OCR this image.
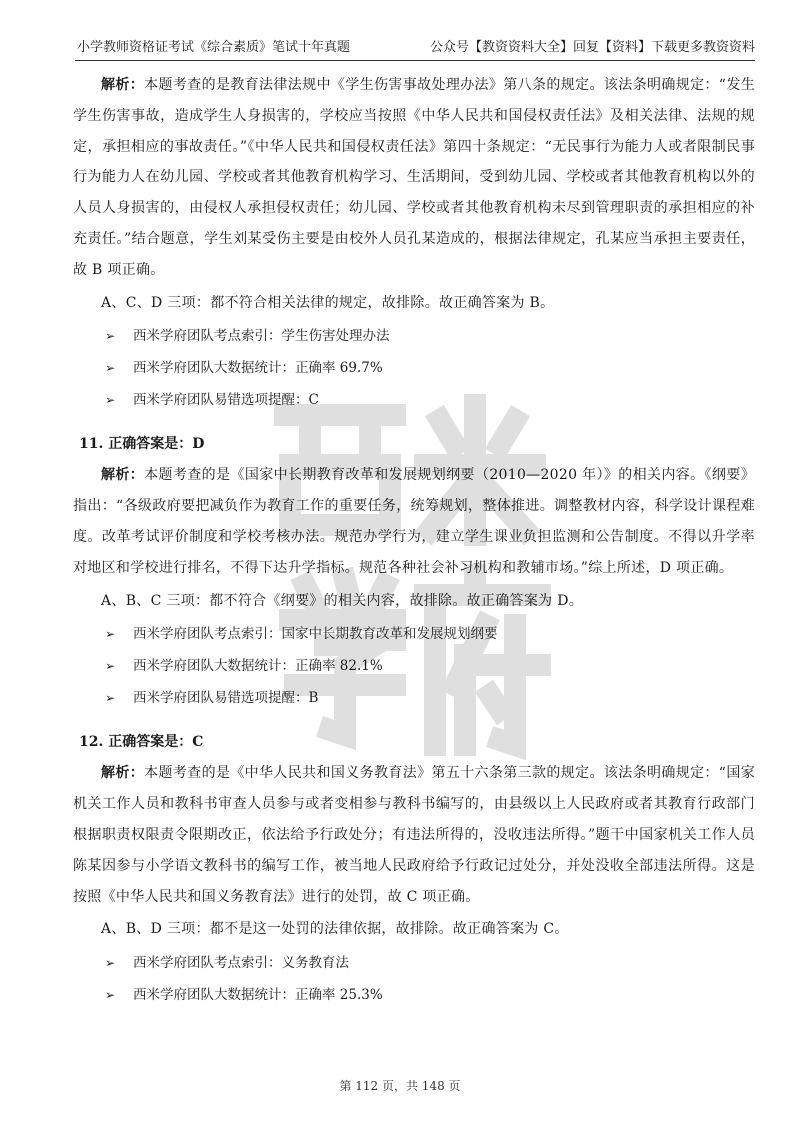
小学教师资格证考试《综合素质》笔试十年真题	公众号【教资资料大全】回复【资料】下载更多教资资料

解析：本题考查的是教育法律法规中《学生伤害事故处理办法》第八条的规定。该法条明确规定：“发生学生伤害事故，造成学生人身损害的，学校应当按照《中华人民共和国侵权责任法》及相关法律、法规的规定，承担相应的事故责任。”《中华人民共和国侵权责任法》第四十条规定：“无民事行为能力人或者限制民事行为能力人在幼儿园、学校或者其他教育机构学习、生活期间，受到幼儿园、学校或者其他教育机构以外的人员人身损害的，由侵权人承担侵权责任；幼儿园、学校或者其他教育机构未尽到管理职责的承担相应的补充责任。”结合题意，学生刘某受伤主要是由校外人员孔某造成的，根据法律规定，孔某应当承担主要责任，故 B 项正确。

A、C、D 三项：都不符合相关法律的规定，故排除。故正确答案为 B。

➢ 西米学府团队考点索引：学生伤害处理办法
➢ 西米学府团队大数据统计：正确率 69.7%
➢ 西米学府团队易错选项提醒：C
11. 正确答案是：D

解析：本题考查的是《国家中长期教育改革和发展规划纲要（2010—2020 年）》的相关内容。《纲要》指出：“各级政府要把减负作为教育工作的重要任务，统筹规划，整体推进。调整教材内容，科学设计课程难度。改革考试评价制度和学校考核办法。规范办学行为，建立学生课业负担监测和公告制度。不得以升学率对地区和学校进行排名，不得下达升学指标。规范各种社会补习机构和教辅市场。”综上所述，D 项正确。

A、B、C 三项：都不符合《纲要》的相关内容，故排除。故正确答案为 D。

➢ 西米学府团队考点索引：国家中长期教育改革和发展规划纲要
➢ 西米学府团队大数据统计：正确率 82.1%
➢ 西米学府团队易错选项提醒：B
12. 正确答案是：C

解析：本题考查的是《中华人民共和国义务教育法》第五十六条第三款的规定。该法条明确规定：“国家机关工作人员和教科书审查人员参与或者变相参与教科书编写的，由县级以上人民政府或者其教育行政部门根据职责权限责令限期改正，依法给予行政处分；有违法所得的，没收违法所得。”题干中国家机关工作人员陈某因参与小学语文教科书的编写工作，被当地人民政府给予行政记过处分，并处没收全部违法所得。这是按照《中华人民共和国义务教育法》进行的处罚，故 C 项正确。

A、B、D 三项：都不是这一处罚的法律依据，故排除。故正确答案为 C。

➢ 西米学府团队考点索引：义务教育法
➢ 西米学府团队大数据统计：正确率 25.3%
第 112 页，共 148 页
